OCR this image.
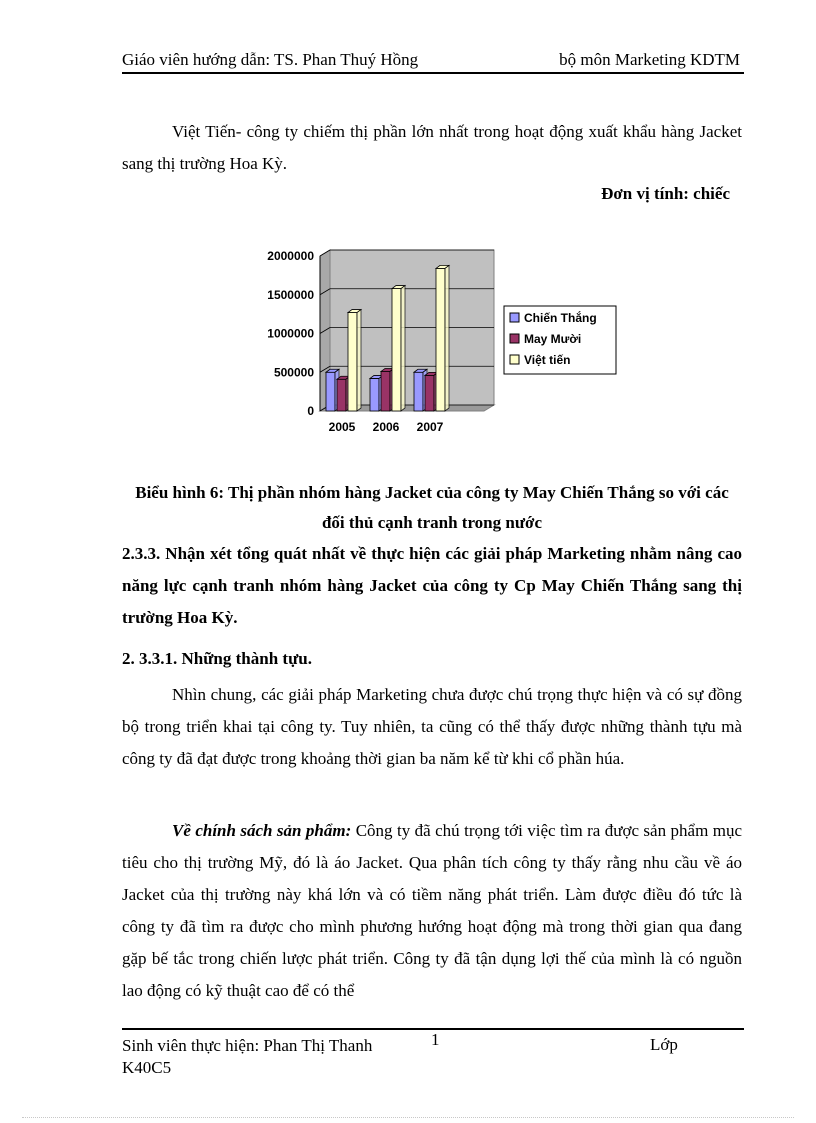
Giáo viên hướng dẫn: TS. Phan Thuý Hồng	bộ môn Marketing KDTM
Việt Tiến- công ty chiếm thị phần lớn nhất trong hoạt động xuất khẩu hàng Jacket sang thị trường Hoa Kỳ.
Đơn vị tính: chiếc
0
500000
1000000
1500000
2000000
2005 2006 2007
Chiến Thắng
May Mười
Việt tiến
Biểu hình 6: Thị phần nhóm hàng Jacket của công ty May Chiến Thắng so với các đối thủ cạnh tranh trong nước
2.3.3. Nhận xét tổng quát nhất về thực hiện các giải pháp Marketing nhằm nâng cao năng lực cạnh tranh nhóm hàng Jacket của công ty Cp May Chiến Thắng sang thị trường Hoa Kỳ.
2. 3.3.1. Những thành tựu.
Nhìn chung, các giải pháp Marketing chưa được chú trọng thực hiện và có sự đồng bộ trong triển khai tại công ty. Tuy nhiên, ta cũng có thể thấy được những thành tựu mà công ty đã đạt được trong khoảng thời gian ba năm kể từ khi cổ phần húa.
Về chính sách sản phẩm: Công ty đã chú trọng tới việc tìm ra được sản phẩm mục tiêu cho thị trường Mỹ, đó là áo Jacket. Qua phân tích công ty thấy rằng nhu cầu về áo Jacket của thị trường này khá lớn và có tiềm năng phát triển. Làm được điều đó tức là công ty đã tìm ra được cho mình phương hướng hoạt động mà trong thời gian qua đang gặp bế tắc trong chiến lược phát triển. Công ty đã tận dụng lợi thế của mình là có nguồn lao động có kỹ thuật cao để có thể
Sinh viên thực hiện: Phan Thị Thanh
K40C5
1	Lớp
